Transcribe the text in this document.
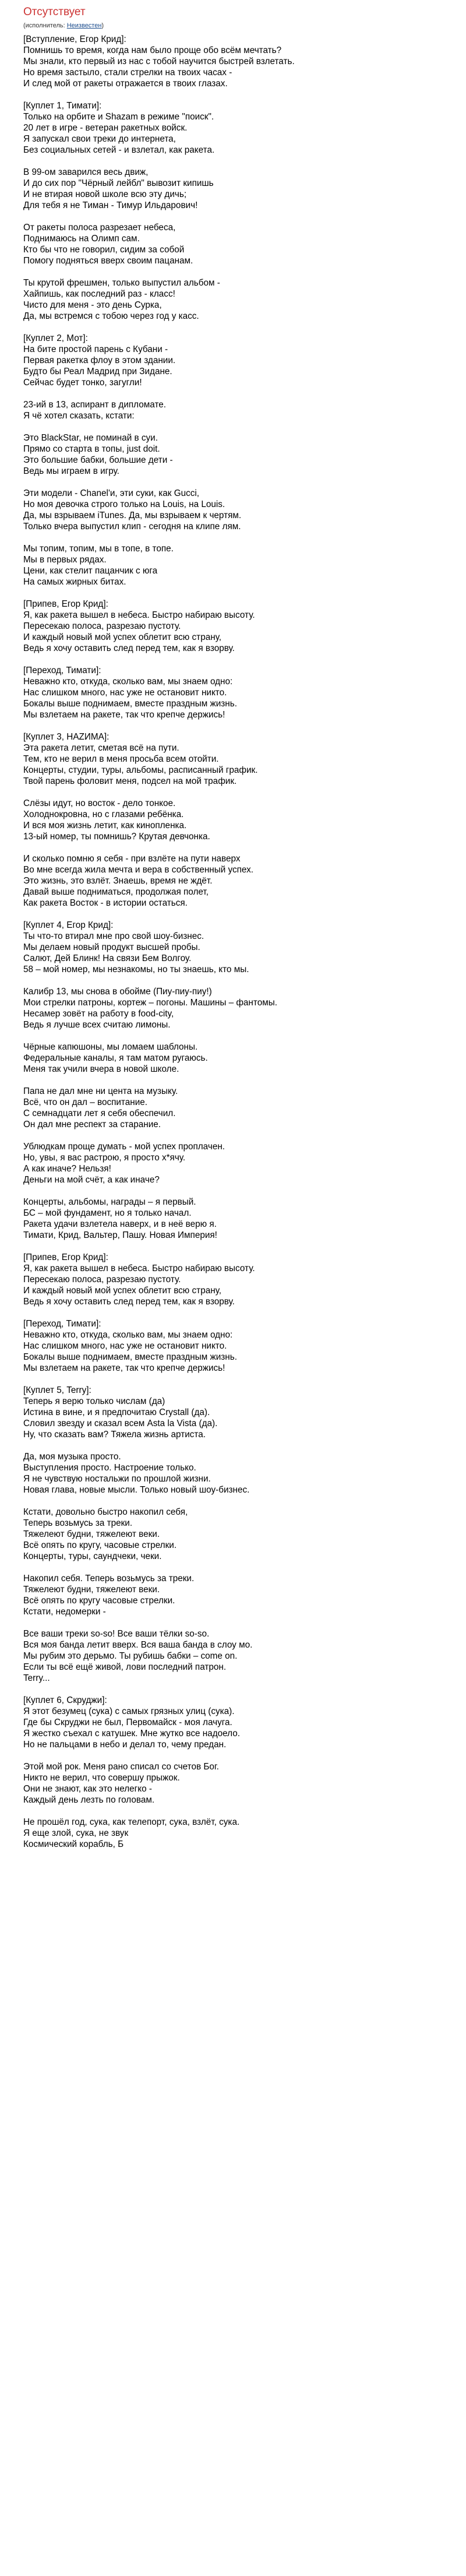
Отсутствует
(исполнитель: Неизвестен)
[Вступление, Егор Крид]:
Помнишь то время, когда нам было проще обо всём мечтать?
Мы знали, кто первый из нас с тобой научится быстрей взлетать.
Но время застыло, стали стрелки на твоих часах -
И след мой от ракеты отражается в твоих глазах.
[Куплет 1, Тимати]:
Только на орбите и Shazam в режиме "поиск".
20 лет в игре - ветеран ракетных войск.
Я запускал свои треки до интернета,
Без социальных сетей - и взлетал, как ракета.
В 99-ом заварился весь движ,
И до сих пор "Чёрный лейбл" вывозит кипишь
И не втирая новой школе всю эту дичь;
Для тебя я не Тиман - Тимур Ильдарович!
От ракеты полоса разрезает небеса,
Поднимаюсь на Олимп сам.
Кто бы что не говорил, сидим за собой
Помогу подняться вверх своим пацанам.
Ты крутой фрешмен, только выпустил альбом -
Хайпишь, как последний раз - класс!
Чисто для меня - это день Сурка,
Да, мы встремся с тобою через год у касс.
[Куплет 2, Мот]:
На бите простой парень с Кубани -
Первая ракетка флоу в этом здании.
Будто бы Реал Мадрид при Зидане.
Сейчас будет тонко, загугли!
23-ий в 13, аспирант в дипломате.
Я чё хотел сказать, кстати:
Это BlackStar, не поминай в суи.
Прямо со старта в топы, just doit.
Это большие бабки, большие дети -
Ведь мы играем в игру.
Эти модели - Chanel'и, эти суки, как Gucci,
Но моя девочка строго только на Louis, на Louis.
Да, мы взрываем iTunes. Да, мы взрываем к чертям.
Только вчера выпустил клип - сегодня на клипе лям.
Мы топим, топим, мы в топе, в топе.
Мы в первых рядах.
Цени, как стелит пацанчик с юга
На самых жирных битах.
[Припев, Егор Крид]:
Я, как ракета вышел в небеса. Быстро набираю высоту.
Пересекаю полоса, разрезаю пустоту.
И каждый новый мой успех облетит всю страну,
Ведь я хочу оставить след перед тем, как я взорву.
[Переход, Тимати]:
Неважно кто, откуда, сколько вам, мы знаем одно:
Нас слишком много, нас уже не остановит никто.
Бокалы выше поднимаем, вместе праздным жизнь.
Мы взлетаем на ракете, так что крепче держись!
[Куплет 3, HAZИМА]:
Эта ракета летит, сметая всё на пути.
Тем, кто не верил в меня просьба всем отойти.
Концерты, студии, туры, альбомы, расписанный график.
Твой парень фоловит меня, подсел на мой трафик.
Слёзы идут, но восток - дело тонкое.
Холоднокровна, но с глазами ребёнка.
И вся моя жизнь летит, как кинопленка.
13-ый номер, ты помнишь? Крутая девчонка.
И сколько помню я себя - при взлёте на пути наверх
Во мне всегда жила мечта и вера в собственный успех.
Это жизнь, это взлёт. Знаешь, время не ждёт.
Давай выше подниматься, продолжая полет,
Как ракета Восток - в истории остаться.
[Куплет 4, Егор Крид]:
Ты что-то втирал мне про свой шоу-бизнес.
Мы делаем новый продукт высшей пробы.
Салют, Дей Блинк! На связи Бем Волгоу.
58 – мой номер, мы незнакомы, но ты знаешь, кто мы.
Калибр 13, мы снова в обойме (Пиу-пиу-пиу!)
Мои стрелки патроны, кортеж – погоны. Машины – фантомы.
Несамер зовёт на работу в food-city,
Ведь я лучше всех считаю лимоны.
Чёрные капюшоны, мы ломаем шаблоны.
Федеральные каналы, я там матом ругаюсь.
Меня так учили вчера в новой школе.
Папа не дал мне ни цента на музыку.
Всё, что он дал – воспитание.
С семнадцати лет я себя обеспечил.
Он дал мне респект за старание.
Ублюдкам проще думать - мой успех проплачен.
Но, увы, я вас растрою, я просто х*ячу.
А как иначе? Нельзя!
Деньги на мой счёт, а как иначе?
Концерты, альбомы, награды – я первый.
БС – мой фундамент, но я только начал.
Ракета удачи взлетела наверх, и в неё верю я.
Тимати, Крид, Вальтер, Пашу. Новая Империя!
[Припев, Егор Крид]:
Я, как ракета вышел в небеса. Быстро набираю высоту.
Пересекаю полоса, разрезаю пустоту.
И каждый новый мой успех облетит всю страну,
Ведь я хочу оставить след перед тем, как я взорву.
[Переход, Тимати]:
Неважно кто, откуда, сколько вам, мы знаем одно:
Нас слишком много, нас уже не остановит никто.
Бокалы выше поднимаем, вместе праздным жизнь.
Мы взлетаем на ракете, так что крепче держись!
[Куплет 5, Terry]:
Теперь я верю только числам (да)
Истина в вине, и я предпочитаю Crystall (да).
Словил звезду и сказал всем Asta la Vista (да).
Ну, что сказать вам? Тяжела жизнь артиста.
Да, моя музыка просто.
Выступления просто. Настроение только.
Я не чувствую ностальжи по прошлой жизни.
Новая глава, новые мысли. Только новый шоу-бизнес.
Кстати, довольно быстро накопил себя,
Теперь возьмусь за треки.
Тяжелеют будни, тяжелеют веки.
Всё опять по кругу, часовые стрелки.
Концерты, туры, саундчеки, чеки.
Накопил себя. Теперь возьмусь за треки.
Тяжелеют будни, тяжелеют веки.
Всё опять по кругу часовые стрелки.
Кстати, недомерки -
Все ваши треки so-so! Все ваши тёлки so-so.
Вся моя банда летит вверх. Вся ваша банда в слоу мо.
Мы рубим это дерьмо. Ты рубишь бабки – come on.
Если ты всё ещё живой, лови последний патрон.
Terry...
[Куплет 6, Скруджи]:
Я этот безумец (сука) с самых грязных улиц (сука).
Где бы Скруджи не был, Первомайск - моя лачуга.
Я жестко съехал с катушек. Мне жутко все надоело.
Но не пальцами в небо и делал то, чему предан.
Этой мой рок. Меня рано списал со счетов Бог.
Никто не верил, что совершу прыжок.
Они не знают, как это нелегко -
Каждый день лезть по головам.
Не прошёл год, сука, как телепорт, сука, взлёт, сука.
Я еще злой, сука, не звук
Космический корабль, Б
